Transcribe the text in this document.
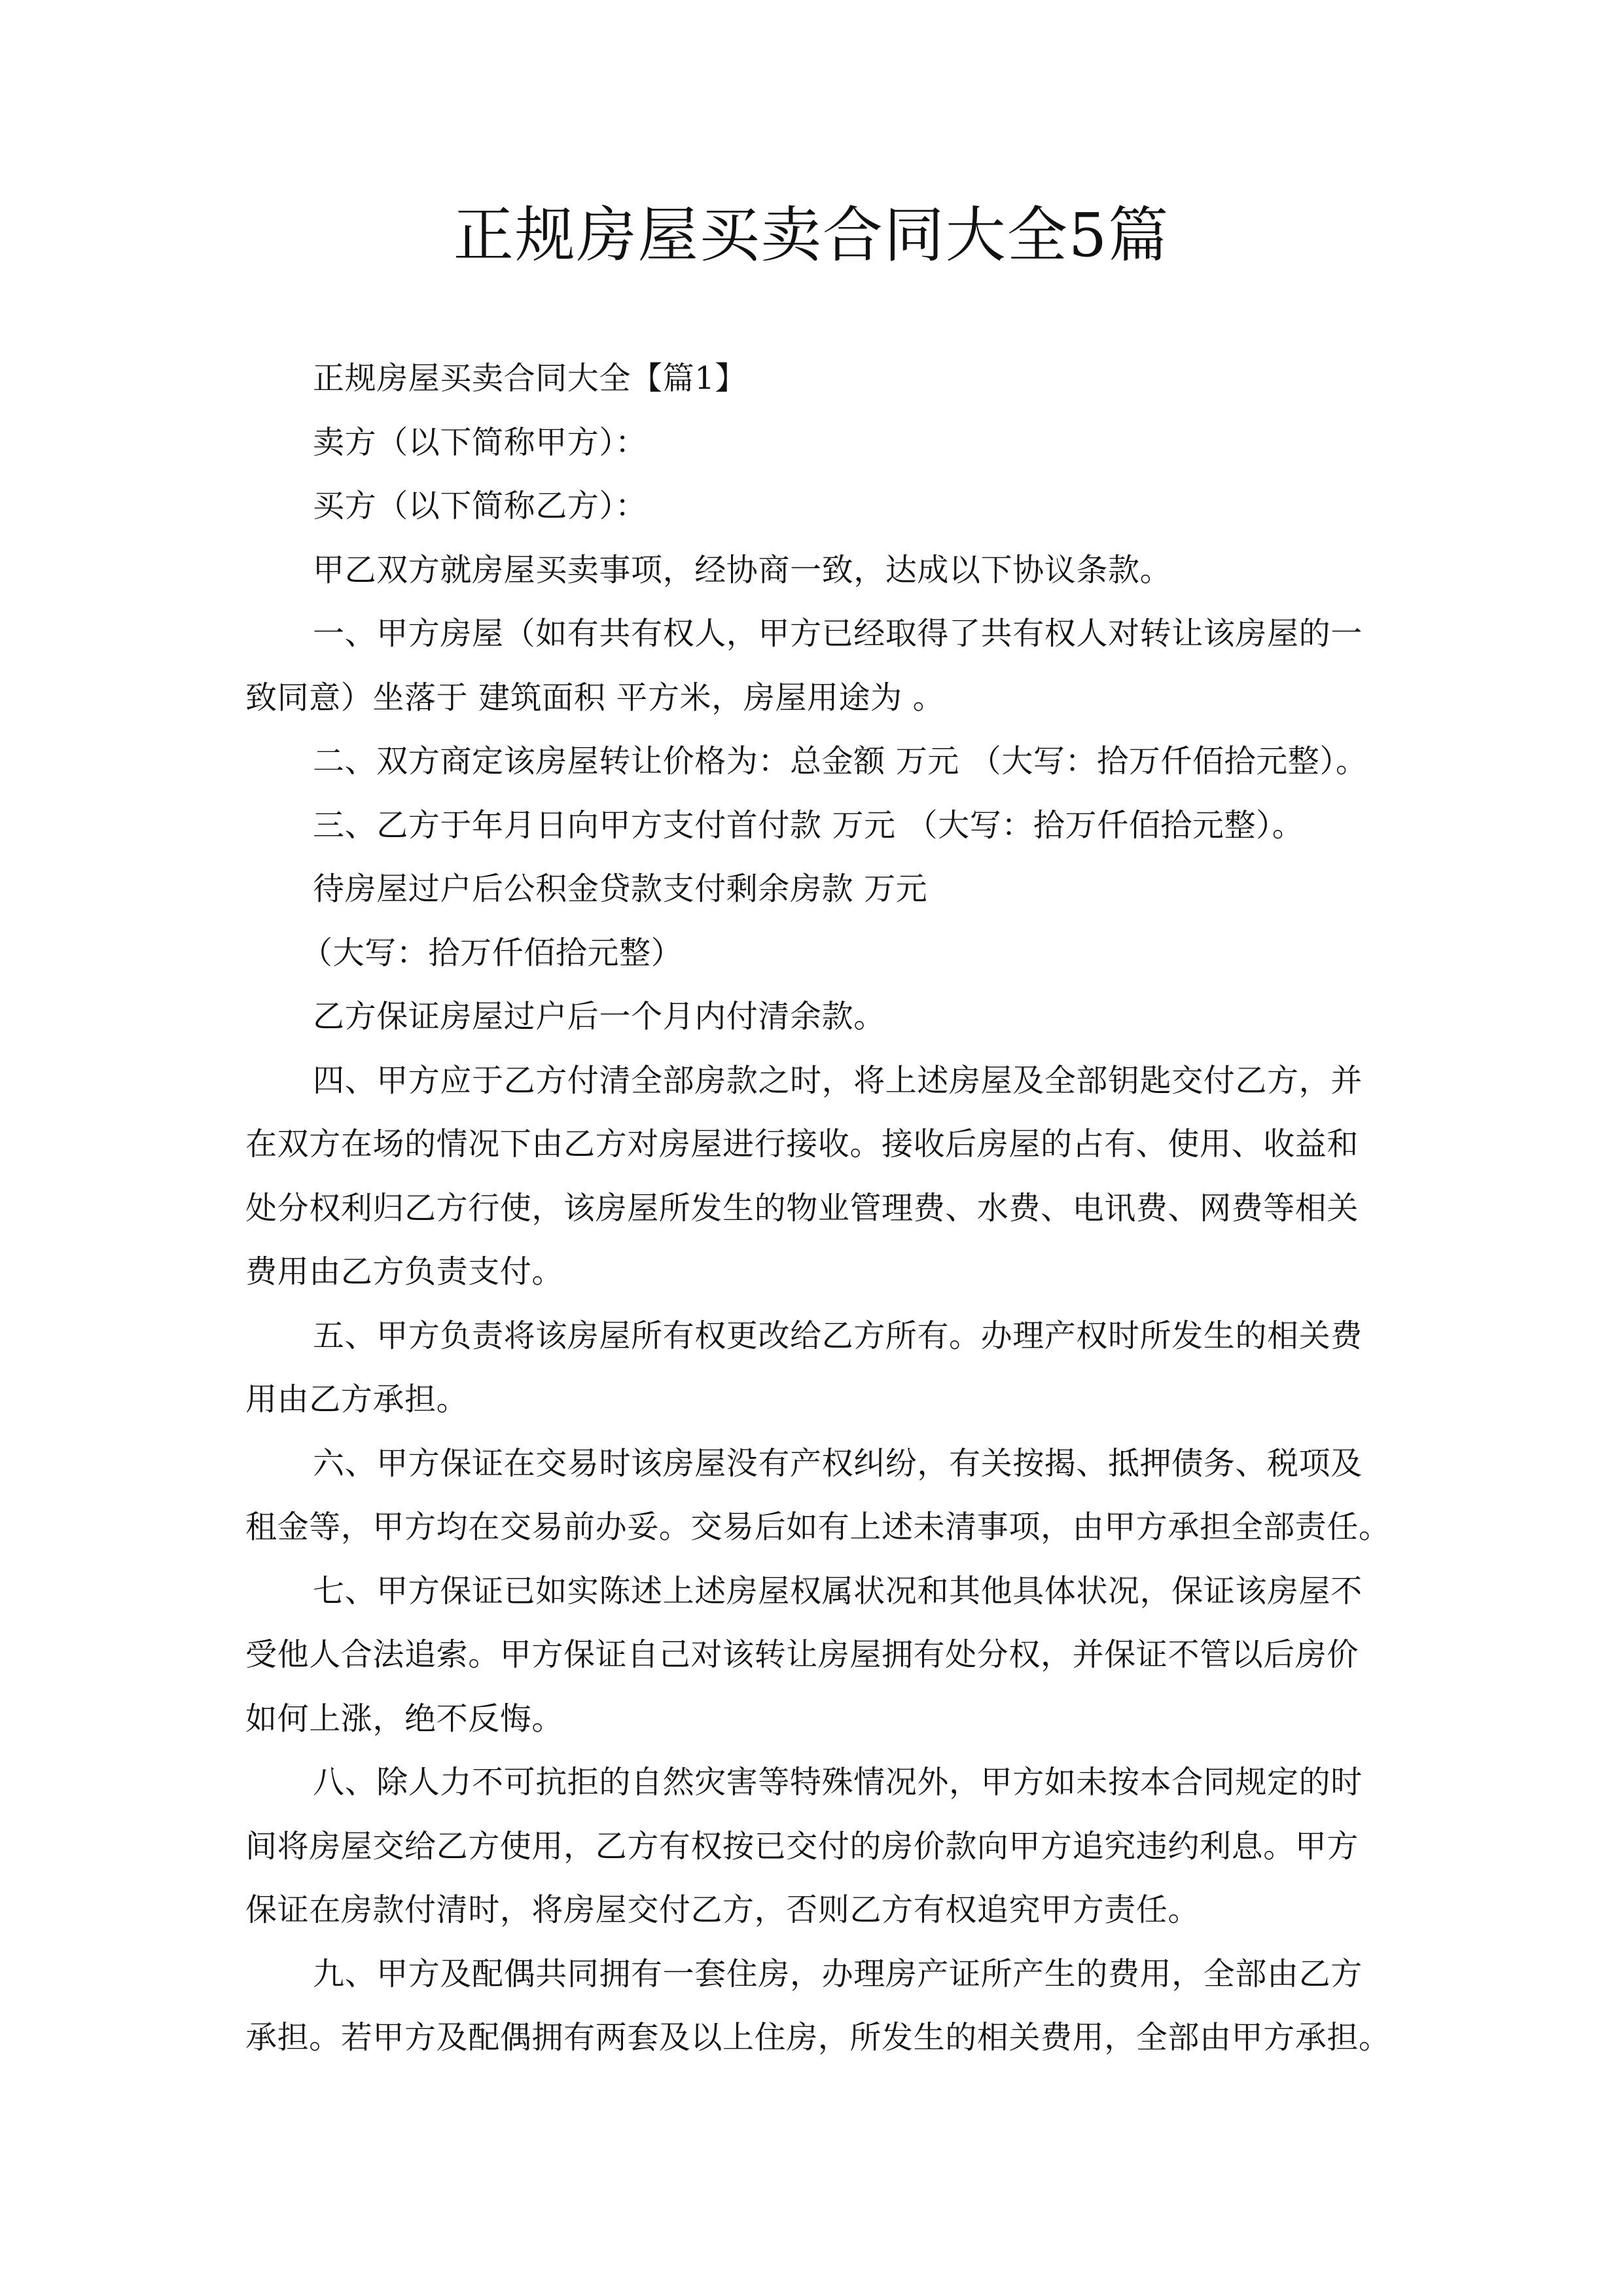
正规房屋买卖合同大全5篇
正规房屋买卖合同大全【篇1】
卖方（以下简称甲方）：
买方（以下简称乙方）：
甲乙双方就房屋买卖事项，经协商一致，达成以下协议条款。
一、甲方房屋（如有共有权人，甲方已经取得了共有权人对转让该房屋的一
致同意）坐落于 建筑面积 平方米，房屋用途为 。
二、双方商定该房屋转让价格为：总金额 万元 （大写：拾万仟佰拾元整）。
三、乙方于年月日向甲方支付首付款 万元 （大写：拾万仟佰拾元整）。
待房屋过户后公积金贷款支付剩余房款 万元
（大写：拾万仟佰拾元整）
乙方保证房屋过户后一个月内付清余款。
四、甲方应于乙方付清全部房款之时，将上述房屋及全部钥匙交付乙方，并
在双方在场的情况下由乙方对房屋进行接收。接收后房屋的占有、使用、收益和
处分权利归乙方行使，该房屋所发生的物业管理费、水费、电讯费、网费等相关
费用由乙方负责支付。
五、甲方负责将该房屋所有权更改给乙方所有。办理产权时所发生的相关费
用由乙方承担。
六、甲方保证在交易时该房屋没有产权纠纷，有关按揭、抵押债务、税项及
租金等，甲方均在交易前办妥。交易后如有上述未清事项，由甲方承担全部责任。
七、甲方保证已如实陈述上述房屋权属状况和其他具体状况，保证该房屋不
受他人合法追索。甲方保证自己对该转让房屋拥有处分权，并保证不管以后房价
如何上涨，绝不反悔。
八、除人力不可抗拒的自然灾害等特殊情况外，甲方如未按本合同规定的时
间将房屋交给乙方使用，乙方有权按已交付的房价款向甲方追究违约利息。甲方
保证在房款付清时，将房屋交付乙方，否则乙方有权追究甲方责任。
九、甲方及配偶共同拥有一套住房，办理房产证所产生的费用，全部由乙方
承担。若甲方及配偶拥有两套及以上住房，所发生的相关费用，全部由甲方承担。
